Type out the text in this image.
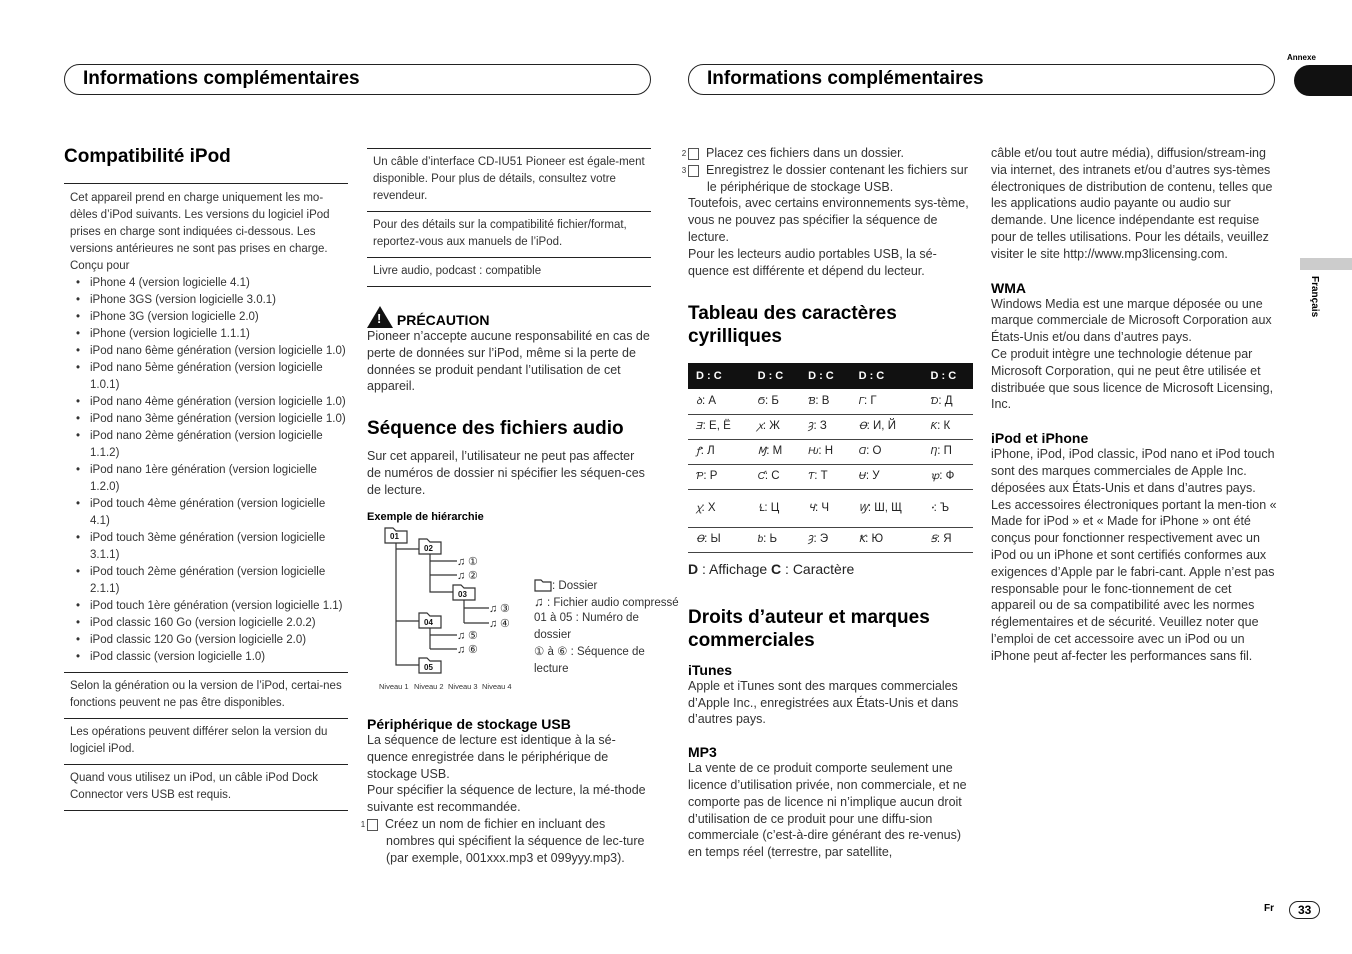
Informations complémentaires	Informations complémentaires
Annexe
Français
Compatibilité iPod

Cet appareil prend en charge uniquement les mo-dèles d’iPod suivants. Les versions du logiciel iPod prises en charge sont indiquées ci-dessous. Les versions antérieures ne sont pas prises en charge.

Conçu pour

• iPhone 4 (version logicielle 4.1)
• iPhone 3GS (version logicielle 3.0.1)
• iPhone 3G (version logicielle 2.0)
• iPhone (version logicielle 1.1.1)
• iPod nano 6ème génération (version logicielle 1.0)
• iPod nano 5ème génération (version logicielle 1.0.1)
• iPod nano 4ème génération (version logicielle 1.0)
• iPod nano 3ème génération (version logicielle 1.0)
• iPod nano 2ème génération (version logicielle 1.1.2)
• iPod nano 1ère génération (version logicielle 1.2.0)
• iPod touch 4ème génération (version logicielle 4.1)
• iPod touch 3ème génération (version logicielle 3.1.1)
• iPod touch 2ème génération (version logicielle 2.1.1)
• iPod touch 1ère génération (version logicielle 1.1)
• iPod classic 160 Go (version logicielle 2.0.2)
• iPod classic 120 Go (version logicielle 2.0)
• iPod classic (version logicielle 1.0)
Selon la génération ou la version de l’iPod, certai-nes fonctions peuvent ne pas être disponibles.
Les opérations peuvent différer selon la version du logiciel iPod.
Quand vous utilisez un iPod, un câble iPod Dock Connector vers USB est requis.
Un câble d’interface CD-IU51 Pioneer est égale-ment disponible. Pour plus de détails, consultez votre revendeur.
Pour des détails sur la compatibilité fichier/format, reportez-vous aux manuels de l’iPod.
Livre audio, podcast : compatible
! PRÉCAUTION

Pioneer n’accepte aucune responsabilité en cas de perte de données sur l’iPod, même si la perte de données se produit pendant l’utilisation de cet appareil.

Séquence des fichiers audio

Sur cet appareil, l’utilisateur ne peut pas affecter de numéros de dossier ni spécifier les séquen-ces de lecture.

Exemple de hiérarchie

01
02
03
04
05
♫ ①
♫ ②
♫ ③
♫ ④
♫ ⑤
♫ ⑥
Niveau 1 Niveau 2 Niveau 3 Niveau 4
: Dossier
♫ : Fichier audio compressé
01 à 05 : Numéro de dossier
① à ⑥ : Séquence de lecture
Périphérique de stockage USB

La séquence de lecture est identique à la sé-quence enregistrée dans le périphérique de stockage USB.

Pour spécifier la séquence de lecture, la mé-thode suivante est recommandée.

1 Créez un nom de fichier en incluant des nombres qui spécifient la séquence de lec-ture (par exemple, 001xxx.mp3 et 099yyy.mp3).

2 Placez ces fichiers dans un dossier.

3 Enregistrez le dossier contenant les fichiers sur le périphérique de stockage USB.

Toutefois, avec certains environnements sys-tème, vous ne pouvez pas spécifier la séquence de lecture.

Pour les lecteurs audio portables USB, la sé-quence est différente et dépend du lecteur.

Tableau des caractères cyrilliques
D : C	D : C	D : C	D : C	D : C
ꝺ: А	Ϭ: Б	Ɓ: В	Г: Г	Ɗ: Д
Ǝ: Е, Ё	ꭗ: Ж	Ȝ: З	Ꝋ: И, Й	Ƙ: К
ꝭ: Л	Ɱ: М	Ƕ: Н	Ɑ: О	Ƞ: П
Ƥ: Р	Ƈ: С	Ƭ: Т	Ʉ: У	ꝕ: Ф
ꭓ: Х	Ꝇ: Ц	Ɥ: Ч	Ꝡ: Ш, Щ	ꞏ: Ъ
Ꝋ: Ы	ƅ: Ь	Ȝ: Э	Ꝁ: Ю	Ꞩ: Я

D : Affichage C : Caractère

Droits d’auteur et marques commerciales
iTunes

Apple et iTunes sont des marques commerciales d’Apple Inc., enregistrées aux États-Unis et dans d’autres pays.

MP3

La vente de ce produit comporte seulement une licence d’utilisation privée, non commerciale, et ne comporte pas de licence ni n’implique aucun droit d’utilisation de ce produit pour une diffu-sion commerciale (c’est-à-dire générant des re-venus) en temps réel (terrestre, par satellite,

câble et/ou tout autre média), diffusion/stream-ing via internet, des intranets et/ou d’autres sys-tèmes électroniques de distribution de contenu, telles que les applications audio payante ou audio sur demande. Une licence indépendante est requise pour de telles utilisations. Pour les détails, veuillez visiter le site http://www.mp3licensing.com.

WMA

Windows Media est une marque déposée ou une marque commerciale de Microsoft Corporation aux États-Unis et/ou dans d’autres pays.

Ce produit intègre une technologie détenue par Microsoft Corporation, qui ne peut être utilisée et distribuée que sous licence de Microsoft Licensing, Inc.

iPod et iPhone

iPhone, iPod, iPod classic, iPod nano et iPod touch sont des marques commerciales de Apple Inc. déposées aux États-Unis et dans d’autres pays.

Les accessoires électroniques portant la men-tion « Made for iPod » et « Made for iPhone » ont été conçus pour fonctionner respectivement avec un iPod ou un iPhone et sont certifiés conformes aux exigences d’Apple par le fabri-cant. Apple n’est pas responsable pour le fonc-tionnement de cet appareil ou de sa compatibilité avec les normes réglementaires et de sécurité. Veuillez noter que l’emploi de cet accessoire avec un iPod ou un iPhone peut af-fecter les performances sans fil.

Fr	33
